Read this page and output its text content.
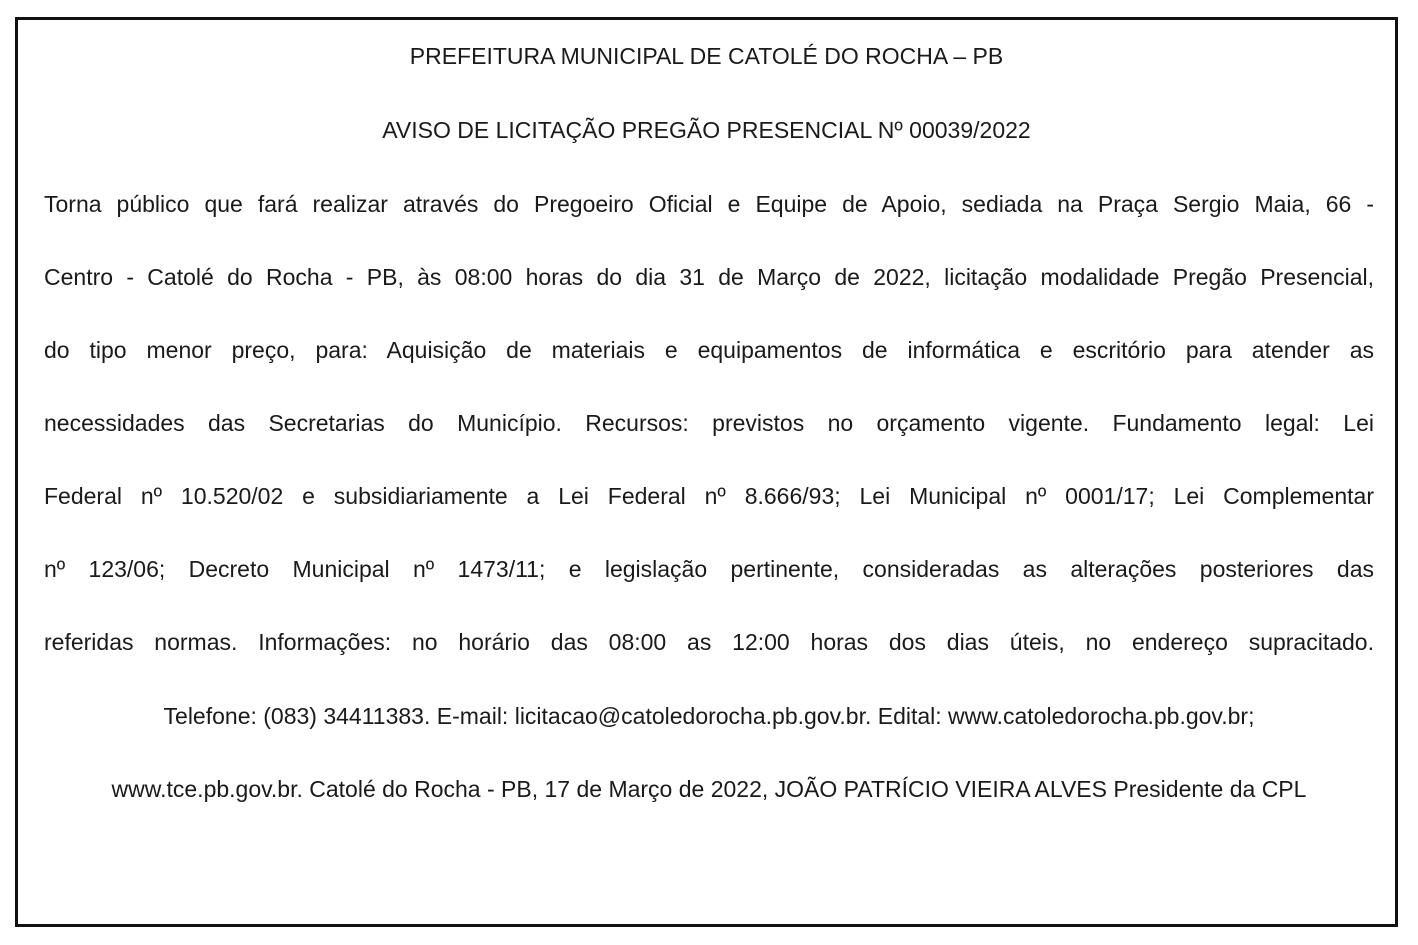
PREFEITURA MUNICIPAL DE CATOLÉ DO ROCHA – PB
AVISO DE LICITAÇÃO PREGÃO PRESENCIAL Nº 00039/2022
Torna público que fará realizar através do Pregoeiro Oficial e Equipe de Apoio, sediada na Praça Sergio Maia, 66 -
Centro - Catolé do Rocha - PB, às 08:00 horas do dia 31 de Março de 2022, licitação modalidade Pregão Presencial,
do tipo menor preço, para: Aquisição de materiais e equipamentos de informática e escritório para atender as
necessidades das Secretarias do Município. Recursos: previstos no orçamento vigente. Fundamento legal: Lei
Federal nº 10.520/02 e subsidiariamente a Lei Federal nº 8.666/93; Lei Municipal nº 0001/17; Lei Complementar
nº 123/06; Decreto Municipal nº 1473/11; e legislação pertinente, consideradas as alterações posteriores das
referidas normas. Informações: no horário das 08:00 as 12:00 horas dos dias úteis, no endereço supracitado.
Telefone: (083) 34411383. E-mail: licitacao@catoledorocha.pb.gov.br. Edital: www.catoledorocha.pb.gov.br;
www.tce.pb.gov.br. Catolé do Rocha - PB, 17 de Março de 2022, JOÃO PATRÍCIO VIEIRA ALVES Presidente da CPL
